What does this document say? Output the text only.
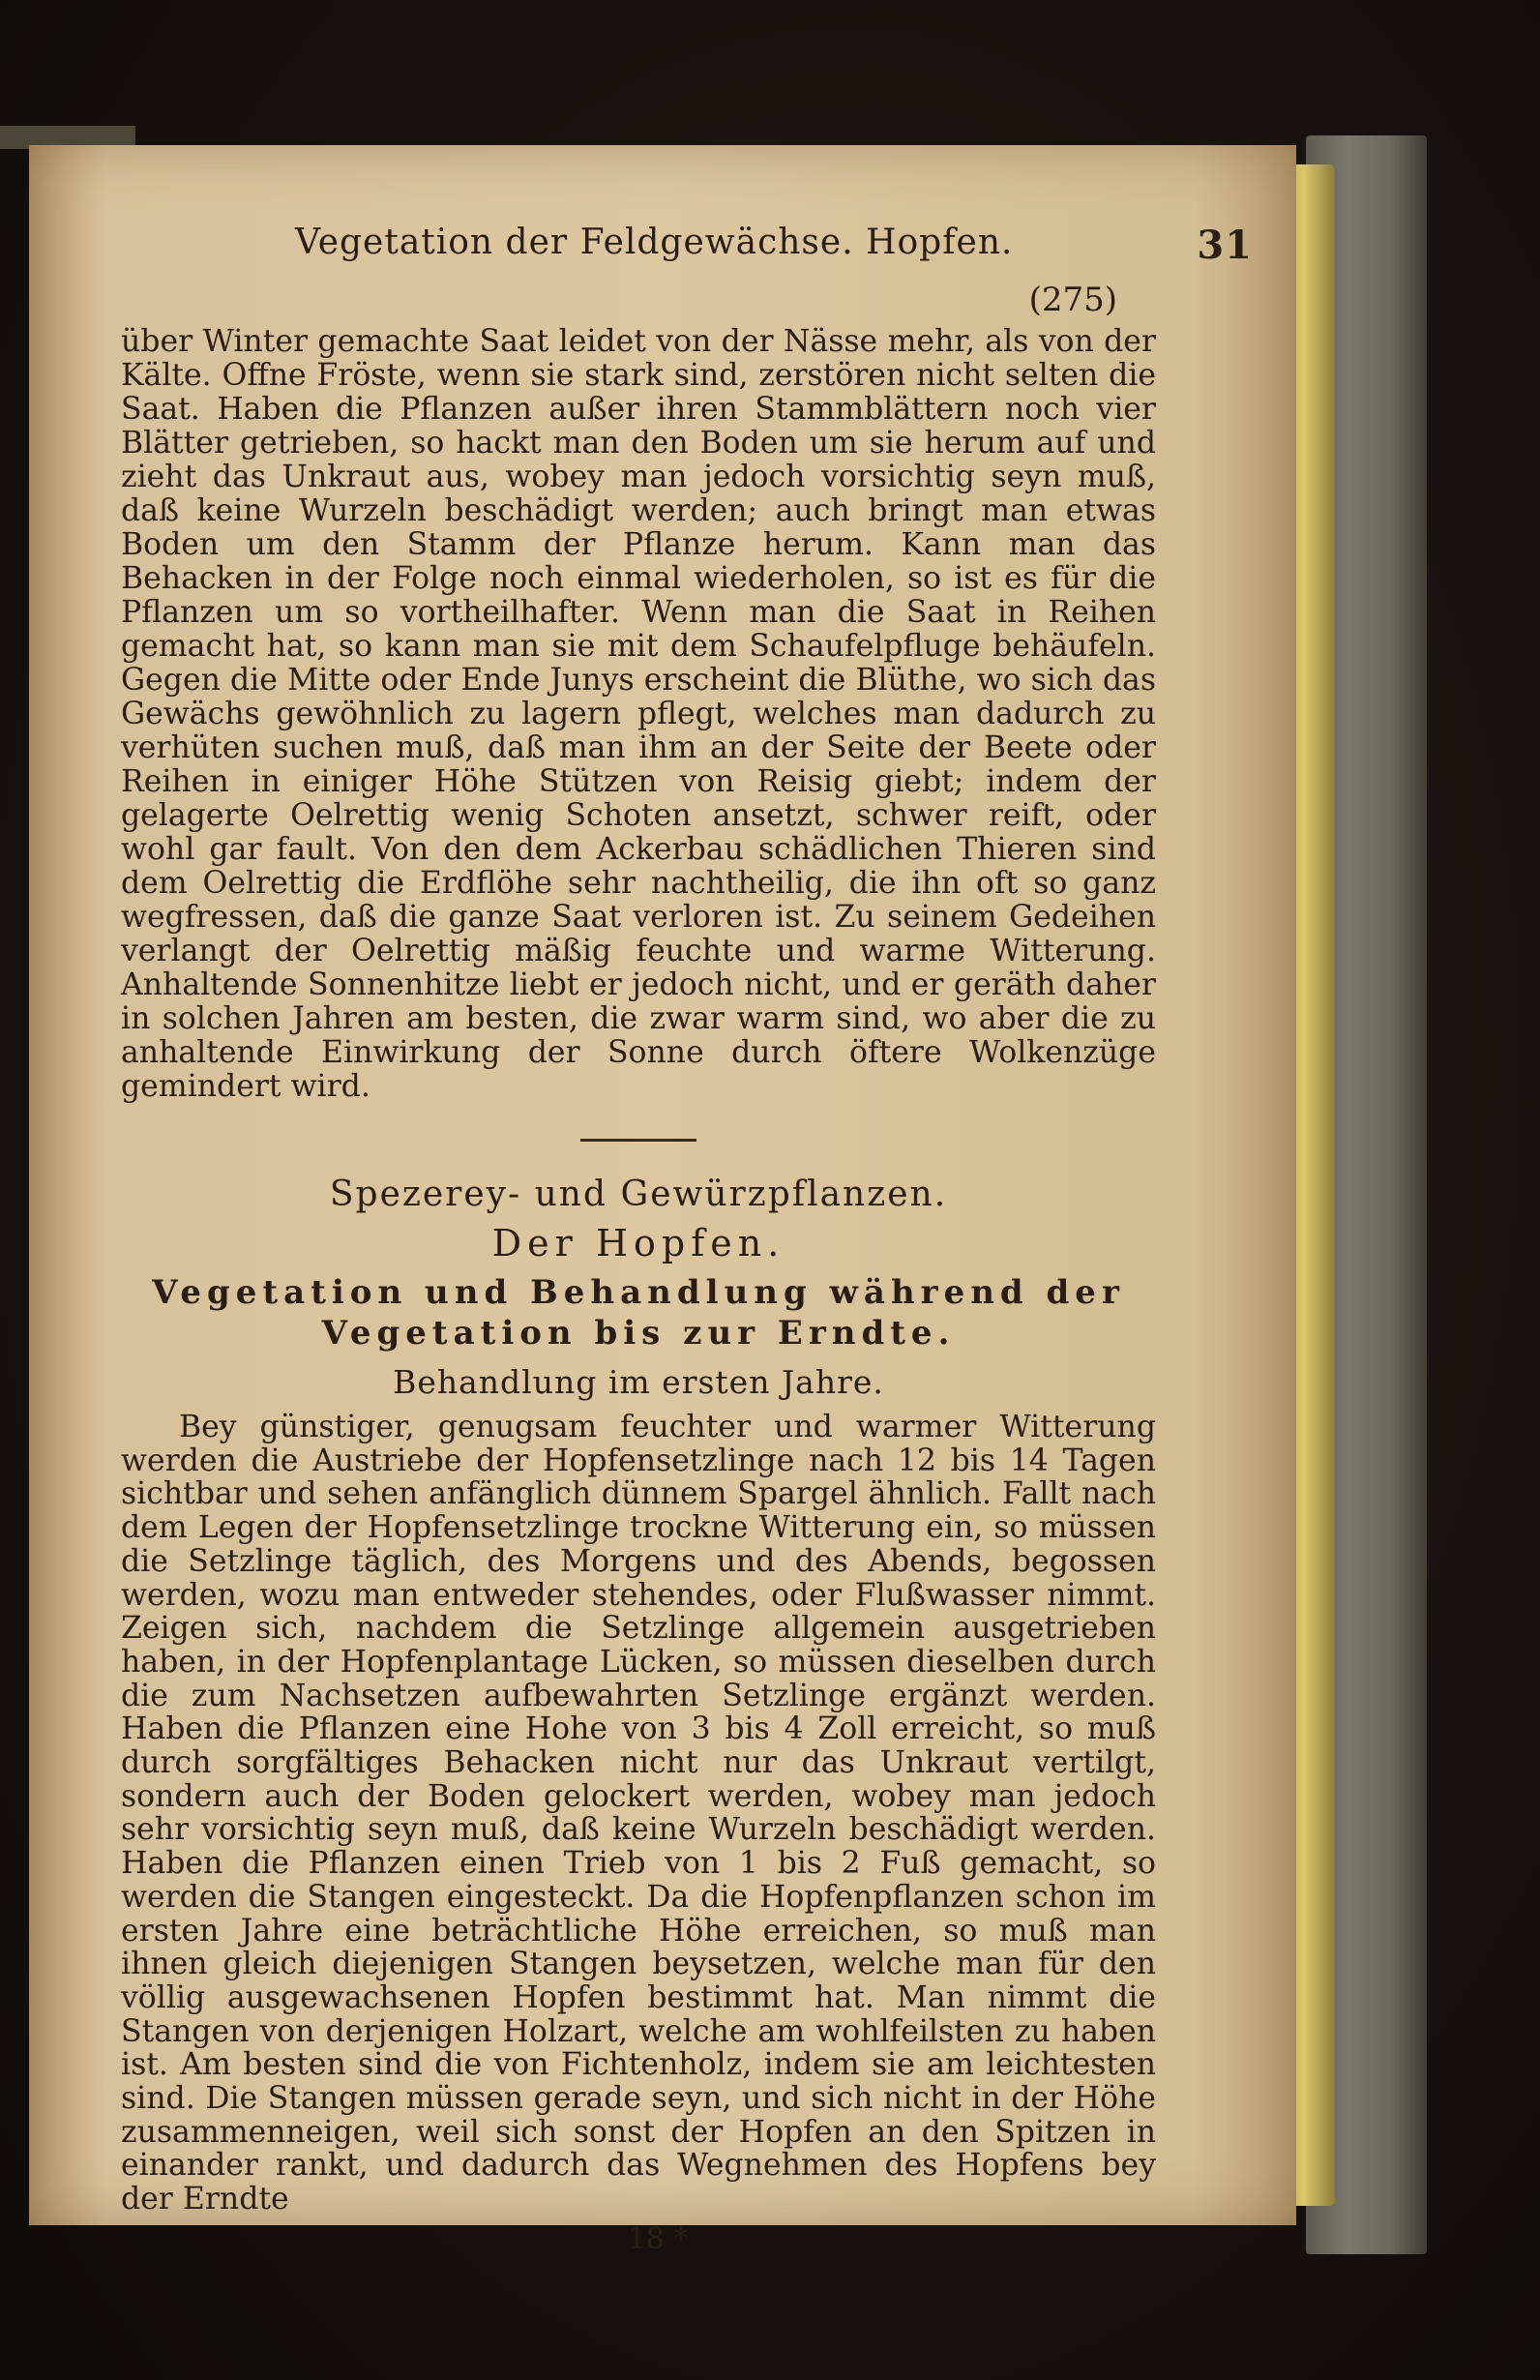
Vegetation der Feldgewächse. Hopfen.	31
(275)

über Winter gemachte Saat leidet von der Nässe mehr, als von der Kälte. Offne Fröste, wenn sie stark sind, zerstören nicht selten die Saat. Haben die Pflanzen außer ihren Stammblättern noch vier Blätter getrieben, so hackt man den Boden um sie herum auf und zieht das Unkraut aus, wobey man jedoch vorsichtig seyn muß, daß keine Wurzeln beschädigt werden; auch bringt man etwas Boden um den Stamm der Pflanze herum. Kann man das Behacken in der Folge noch einmal wiederholen, so ist es für die Pflanzen um so vortheilhafter. Wenn man die Saat in Reihen gemacht hat, so kann man sie mit dem Schaufelpfluge behäufeln. Gegen die Mitte oder Ende Junys erscheint die Blüthe, wo sich das Gewächs gewöhnlich zu lagern pflegt, welches man dadurch zu verhüten suchen muß, daß man ihm an der Seite der Beete oder Reihen in einiger Höhe Stützen von Reisig giebt; indem der gelagerte Oelrettig wenig Schoten ansetzt, schwer reift, oder wohl gar fault. Von den dem Ackerbau schädlichen Thieren sind dem Oelrettig die Erdflöhe sehr nachtheilig, die ihn oft so ganz wegfressen, daß die ganze Saat verloren ist. Zu seinem Gedeihen verlangt der Oelrettig mäßig feuchte und warme Witterung. Anhaltende Sonnenhitze liebt er jedoch nicht, und er geräth daher in solchen Jahren am besten, die zwar warm sind, wo aber die zu anhaltende Einwirkung der Sonne durch öftere Wolkenzüge gemindert wird.

Spezerey- und Gewürzpflanzen.
Der Hopfen.
Vegetation und Behandlung während der Vegetation bis zur Erndte.
Behandlung im ersten Jahre.

Bey günstiger, genugsam feuchter und warmer Witterung werden die Austriebe der Hopfensetzlinge nach 12 bis 14 Tagen sichtbar und sehen anfänglich dünnem Spargel ähnlich. Fallt nach dem Legen der Hopfensetzlinge trockne Witterung ein, so müssen die Setzlinge täglich, des Morgens und des Abends, begossen werden, wozu man entweder stehendes, oder Flußwasser nimmt. Zeigen sich, nachdem die Setzlinge allgemein ausgetrieben haben, in der Hopfenplantage Lücken, so müssen dieselben durch die zum Nachsetzen aufbewahrten Setzlinge ergänzt werden. Haben die Pflanzen eine Hohe von 3 bis 4 Zoll erreicht, so muß durch sorgfältiges Behacken nicht nur das Unkraut vertilgt, sondern auch der Boden gelockert werden, wobey man jedoch sehr vorsichtig seyn muß, daß keine Wurzeln beschädigt werden. Haben die Pflanzen einen Trieb von 1 bis 2 Fuß gemacht, so werden die Stangen eingesteckt. Da die Hopfenpflanzen schon im ersten Jahre eine beträchtliche Höhe erreichen, so muß man ihnen gleich diejenigen Stangen beysetzen, welche man für den völlig ausgewachsenen Hopfen bestimmt hat. Man nimmt die Stangen von derjenigen Holzart, welche am wohlfeilsten zu haben ist. Am besten sind die von Fichtenholz, indem sie am leichtesten sind. Die Stangen müssen gerade seyn, und sich nicht in der Höhe zusammenneigen, weil sich sonst der Hopfen an den Spitzen in einander rankt, und dadurch das Wegnehmen des Hopfens bey der Erndte

18 *
